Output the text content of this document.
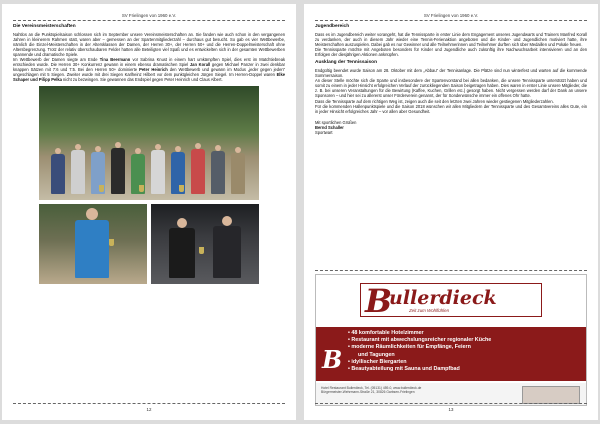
SV Frielingen von 1960 e.V.
Die Vereinsmeisterschaften

Nahtlos an die Punktspielsaison schlossen sich im September unsere Vereinsmeisterschaften an. Sie fanden wie auch schon in den vergangenen Jahren in kleinerem Rahmen statt, waren aber – gemessen an der Spartenmitgliederzahl – durchaus gut besucht. So gab es vier Wettbewerbe, nämlich die Einzel-Meisterschaften in der Altersklassen der Damen, der Herren 30+, der Herren 50+ und die Herren-Doppelmeisterschaft ohne Altersbegrenzung. Trotz der relativ überschaubaren Felder hatten alle Beteiligten viel Spaß und es entwickelten sich in der gesamten Wettbewerben spannende und dramatische Spiele.

Im Wettbewerb der Damen siegte am Ende Tina Beermann vor Sabrina Knust in einem hart umkämpften Spiel, dies erst im Matchtiebreak entschieden wurde. Die Herren 30+ Konkurrenz gewann in einem ebenso dramatischen Spiel Jan Korall gegen Michael Panzer in zwei denkbar knappen Sätzen mit 7:6 und 7:5. Bei den Herren 50+ dominierte Peter Heinrich den Wettbewerb und gewann im Modus „jeder gegen jeden“ ungeschlagen mit 5 Siegen. Zweiter wurde mit drei Siegen Karlheinz Hilbert vor dem punktgleichen Jürgen Siegel. Im Herren-Doppel waren Elke Schaper und Pilipp Pelka nicht zu bezwingen. Sie gewannen das Endspiel gegen Peter Heinrich und Claus Albert.

12
SV Frielingen von 1960 e.V.
Jugendbereich

Dass es im Jugendbereich weiter vorangeht, hat die Tennissparte in erster Linie dem Engagement unseres Jugendwarts und Trainers Manfred Korall zu verdanken, der auch in diesem Jahr wieder eine Tennis-Ferienaktion angeboten und die Kinder- und Jugendlichen motiviert hatte, ihre Meisterschaften auszuspielen. Dabei gab es nur Gewinner und alle Teilnehmerinnen und Teilnehmer durften sich über Medaillen und Pokale freuen.

Die Tennissparte möchte mit Angeboten besonders für Kinder und Jugendliche auch zukünftig ihre Nachwuchsarbeit intensivieren und an den Erfolgen der diesjährigen Aktionen anknüpfen.

Ausklang der Tennissaison

Endgültig beendet wurde Saison am 28. Oktober mit dem „Abbau“ der Tennisanlage. Die Plätze sind nun winterfest und warten auf die kommende Sommersaison.

An dieser Stelle möchte sich die Sparte und insbesondere der Spartenvorstand bei allen bedanken, die unsere Tennissparte unterstützt haben und somit zu einem in jeder Hinsicht erfolgreichen Verlauf der zurückliegenden Saison beigetragen haben. Dies waren in erster Linie unsere Mitglieder, die z. B. bei unseren Veranstaltungen für die Bewirtung (Kaffee, Kuchen, Grillen etc.) gesorgt haben. Nicht vergessen werden darf der Dank an unsere Sponsoren – und hier sei zu allererst unser Förderverein genannt, der für Sonderwünsche immer ein offenes Ohr hatte.

Dass die Tennissparte auf dem richtigen Weg ist, zeigen auch die seit den letzten zwei Jahren wieder gestiegenen Mitgliederzahlen.

Für die kommenden Hallenpunktspiele und die Saison 2018 wünschen wir allen Mitgliedern der Tennissparte und des Gesamtvereins alles Gute, ein in jeder Hinsicht erfolgreiches Jahr – vor allen aber Gesundheit.

Mit sportlichen Grüßen
Bernd Schaller
Sportwart
B
ullerdieck
Zeit zum Wohlfühlen
B
• 48 komfortable Hotelzimmer
• Restaurant mit abwechslungsreicher regionaler Küche
• moderne Räumlichkeiten für Empfänge, Feiern
und Tagungen
• idyllischer Biergarten
• Beautyabteilung mit Sauna und Dampfbad
Hotel Restaurant Bullerdieck, Tel. (05131) 459-0, www.bullerdieck.de
Bürgermeister-Wehrmann-Straße 21, 30826 Garbsen-Frielingen
13
